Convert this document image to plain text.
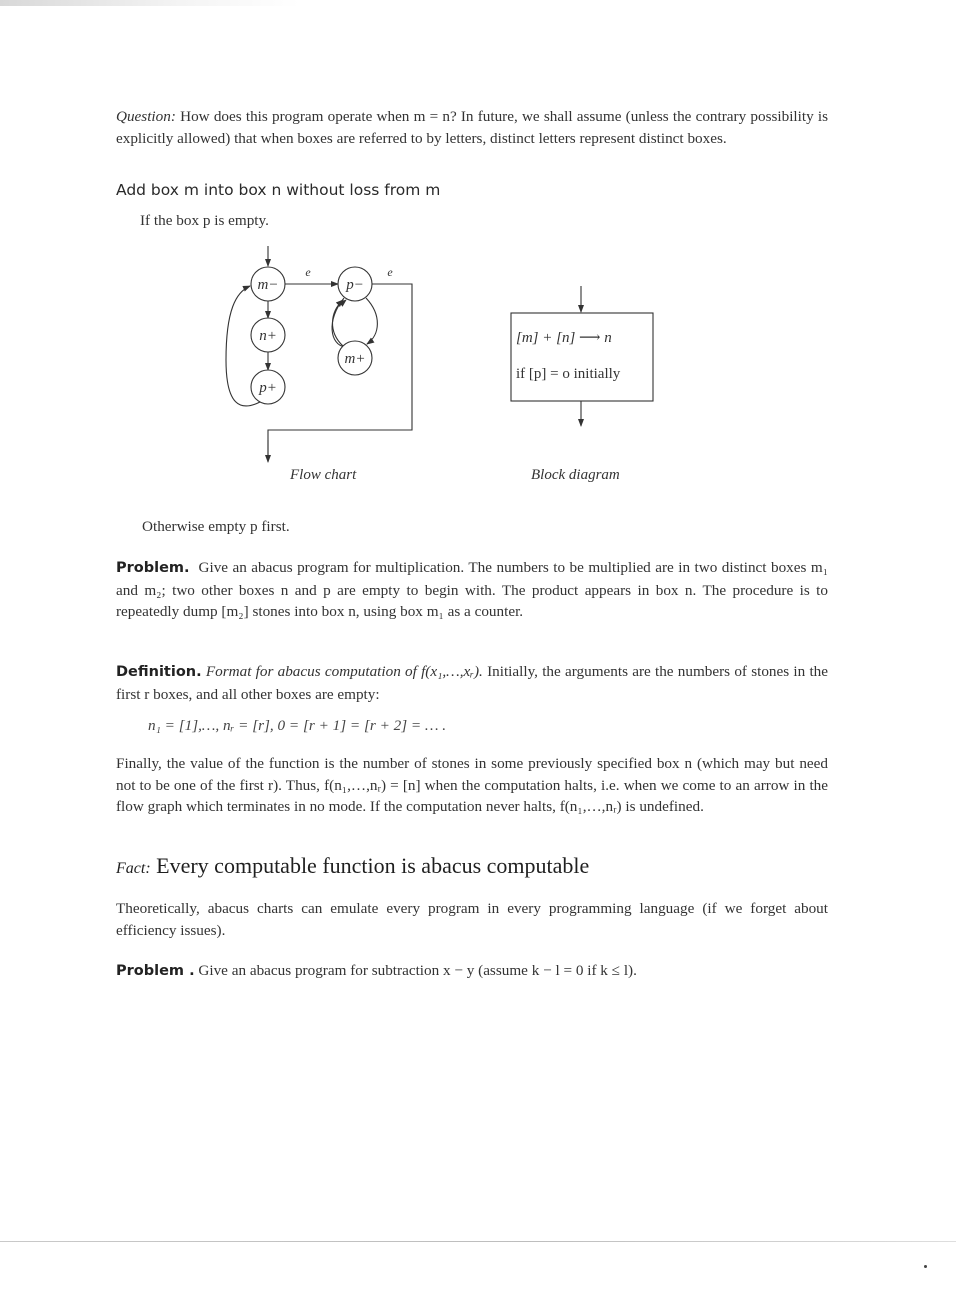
Question: How does this program operate when m = n? In future, we shall assume (unless the contrary possibility is explicitly allowed) that when boxes are referred to by letters, distinct letters represent distinct boxes.

Add box m into box n without loss from m
If the box p is empty.
m−
n+
p+
p−
m+
e	e
Flow chart
[m] + [n] ⟶ n
if [p] = o initially
Block diagram
Otherwise empty p first.

Problem. Give an abacus program for multiplication. The numbers to be multiplied are in two distinct boxes m₁ and m₂; two other boxes n and p are empty to begin with. The product appears in box n. The procedure is to repeatedly dump [m₂] stones into box n, using box m₁ as a counter.

Definition. Format for abacus computation of f(x₁,…,xᵣ). Initially, the arguments are the numbers of stones in the first r boxes, and all other boxes are empty:

n₁ = [1],…, nᵣ = [r], 0 = [r + 1] = [r + 2] = … .

Finally, the value of the function is the number of stones in some previously specified box n (which may but need not to be one of the first r). Thus, f(n₁,…,nᵣ) = [n] when the computation halts, i.e. when we come to an arrow in the flow graph which terminates in no mode. If the computation never halts, f(n₁,…,nᵣ) is undefined.

Fact: Every computable function is abacus computable

Theoretically, abacus charts can emulate every program in every programming language (if we forget about efficiency issues).

Problem . Give an abacus program for subtraction x − y (assume k − l = 0 if k ≤ l).
